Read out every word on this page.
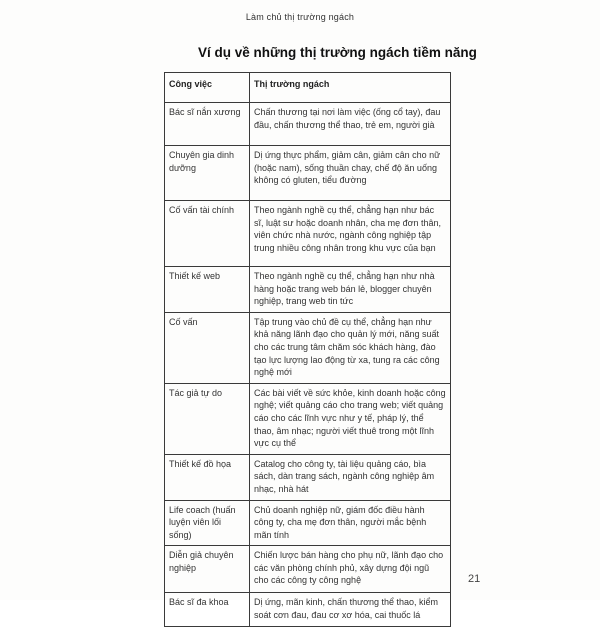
Làm chủ thị trường ngách
Ví dụ về những thị trường ngách tiềm năng
Công việc	Thị trường ngách
Bác sĩ nắn xương	Chấn thương tại nơi làm việc (ống cổ tay), đau đầu, chấn thương thể thao, trẻ em, người già
Chuyên gia dinh dưỡng	Dị ứng thực phẩm, giảm cân, giảm cân cho nữ (hoặc nam), sống thuần chay, chế độ ăn uống không có gluten, tiểu đường
Cố vấn tài chính	Theo ngành nghề cụ thể, chẳng hạn như bác sĩ, luật sư hoặc doanh nhân, cha mẹ đơn thân, viên chức nhà nước, ngành công nghiệp tập trung nhiều công nhân trong khu vực của bạn
Thiết kế web	Theo ngành nghề cụ thể, chẳng hạn như nhà hàng hoặc trang web bán lẻ, blogger chuyên nghiệp, trang web tin tức
Cố vấn	Tập trung vào chủ đề cụ thể, chẳng hạn như khả năng lãnh đạo cho quản lý mới, năng suất cho các trung tâm chăm sóc khách hàng, đào tạo lực lượng lao động từ xa, tung ra các công nghệ mới
Tác giả tự do	Các bài viết về sức khỏe, kinh doanh hoặc công nghệ; viết quảng cáo cho trang web; viết quảng cáo cho các lĩnh vực như y tế, pháp lý, thể thao, âm nhạc; người viết thuê trong một lĩnh vực cụ thể
Thiết kế đồ họa	Catalog cho công ty, tài liệu quảng cáo, bìa sách, dàn trang sách, ngành công nghiệp âm nhạc, nhà hát
Life coach (huấn luyện viên lối sống)	Chủ doanh nghiệp nữ, giám đốc điều hành công ty, cha mẹ đơn thân, người mắc bệnh mãn tính
Diễn giả chuyên nghiệp	Chiến lược bán hàng cho phụ nữ, lãnh đạo cho các văn phòng chính phủ, xây dựng đội ngũ cho các công ty công nghệ
Bác sĩ đa khoa	Dị ứng, mãn kinh, chấn thương thể thao, kiểm soát cơn đau, đau cơ xơ hóa, cai thuốc lá
21
